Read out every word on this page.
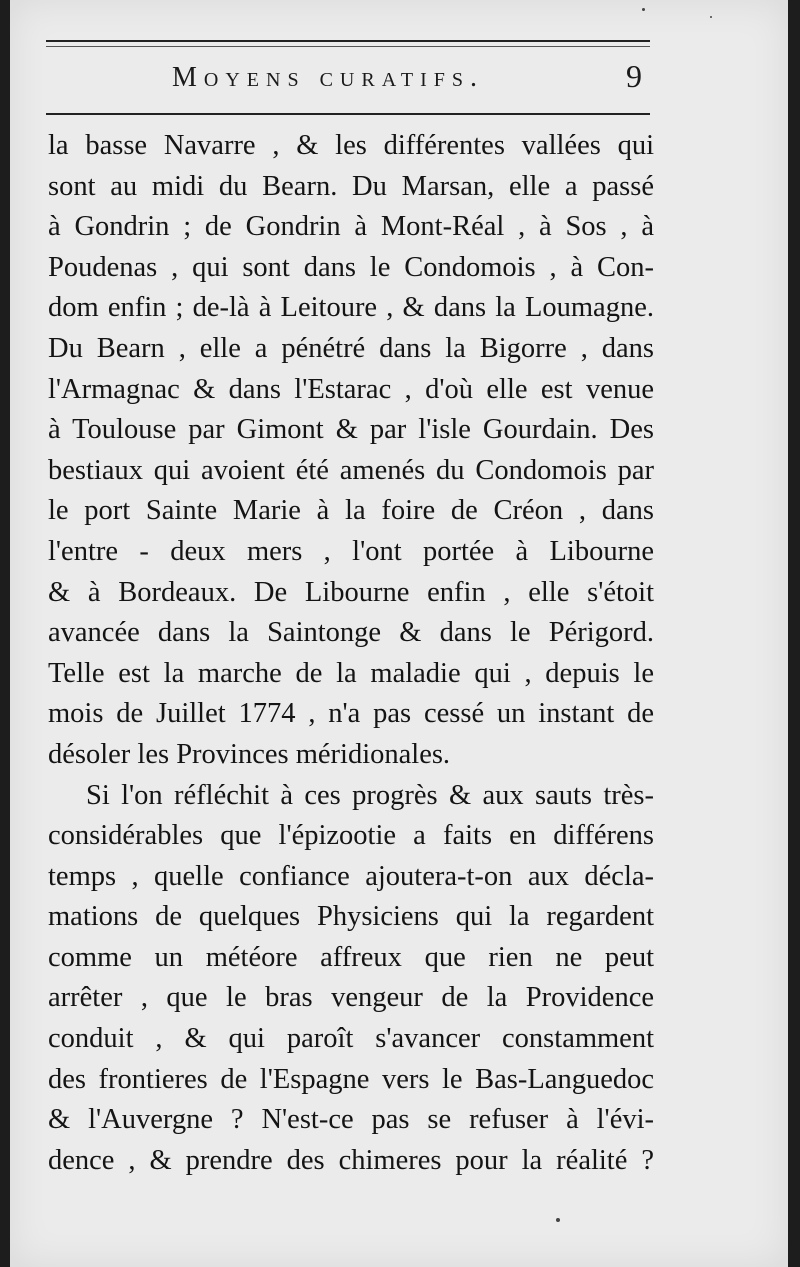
Moyens curatifs.	9
la basse Navarre , & les différentes vallées qui
sont au midi du Bearn. Du Marsan, elle a passé
à Gondrin ; de Gondrin à Mont-Réal , à Sos , à
Poudenas , qui sont dans le Condomois , à Con-
dom enfin ; de-là à Leitoure , & dans la Loumagne.
Du Bearn , elle a pénétré dans la Bigorre , dans
l'Armagnac & dans l'Estarac , d'où elle est venue
à Toulouse par Gimont & par l'isle Gourdain. Des
bestiaux qui avoient été amenés du Condomois par
le port Sainte Marie à la foire de Créon , dans
l'entre - deux mers , l'ont portée à Libourne
& à Bordeaux. De Libourne enfin , elle s'étoit
avancée dans la Saintonge & dans le Périgord.
Telle est la marche de la maladie qui , depuis le
mois de Juillet 1774 , n'a pas cessé un instant de
désoler les Provinces méridionales.
Si l'on réfléchit à ces progrès & aux sauts très-
considérables que l'épizootie a faits en différens
temps , quelle confiance ajoutera-t-on aux décla-
mations de quelques Physiciens qui la regardent
comme un météore affreux que rien ne peut
arrêter , que le bras vengeur de la Providence
conduit , & qui paroît s'avancer constamment
des frontieres de l'Espagne vers le Bas-Languedoc
& l'Auvergne ? N'est-ce pas se refuser à l'évi-
dence , & prendre des chimeres pour la réalité ?
